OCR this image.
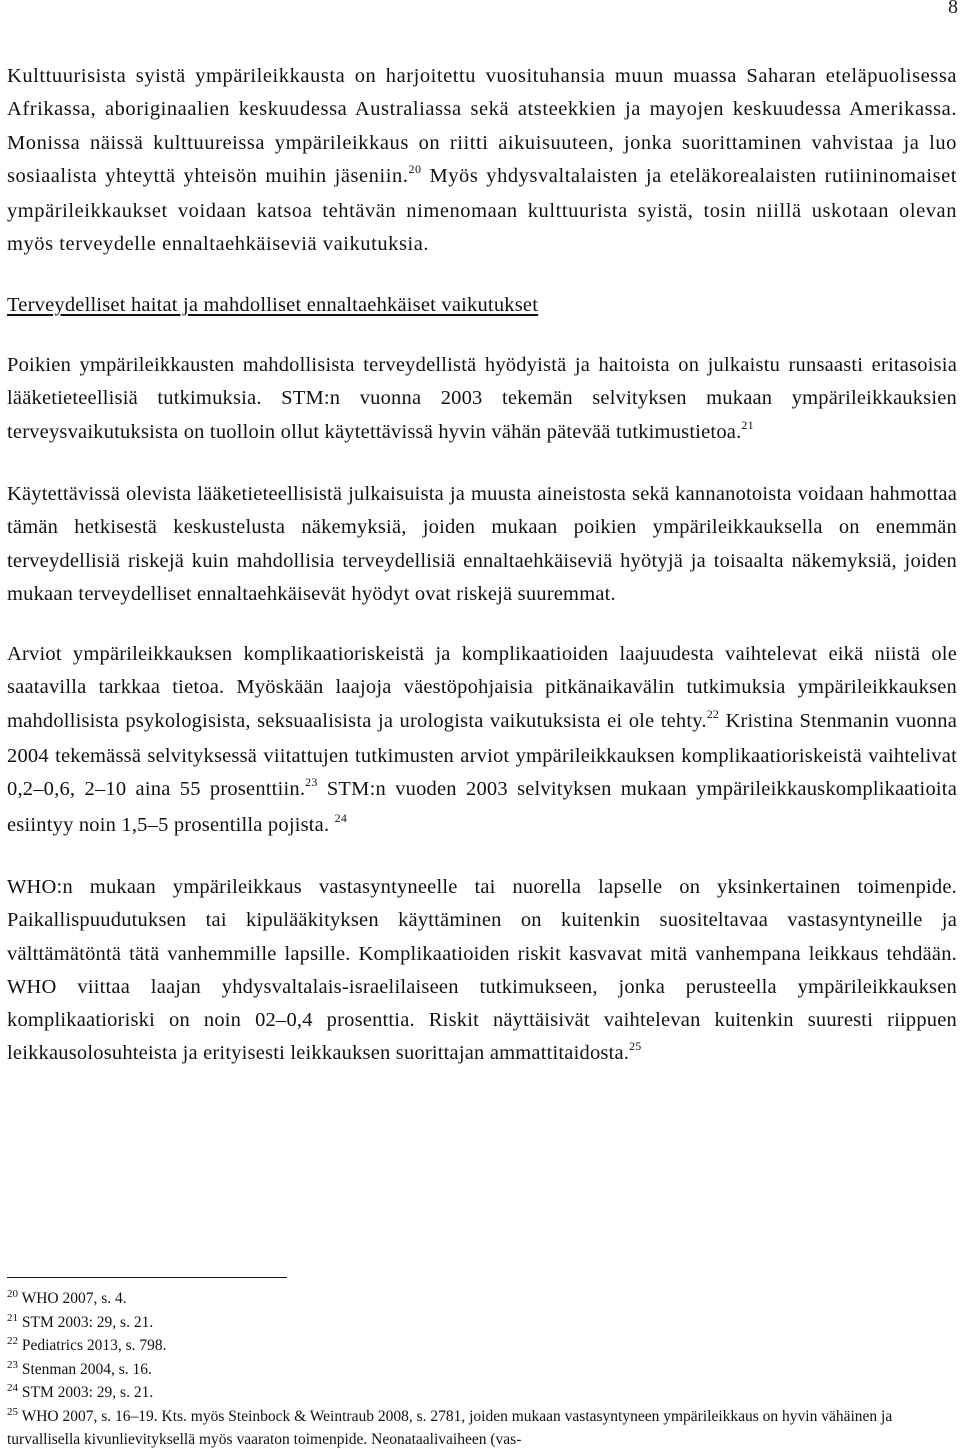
8

Kulttuurisista syistä ympärileikkausta on harjoitettu vuosituhansia muun muassa Saharan eteläpuolisessa Afrikassa, aboriginaalien keskuudessa Australiassa sekä atsteekkien ja mayojen keskuudessa Amerikassa. Monissa näissä kulttuureissa ympärileikkaus on riitti aikuisuuteen, jonka suorittaminen vahvistaa ja luo sosiaalista yhteyttä yhteisön muihin jäseniin.$^{20}$ Myös yhdysvaltalaisten ja eteläkorealaisten rutiininomaiset ympärileikkaukset voidaan katsoa tehtävän nimenomaan kulttuurista syistä, tosin niillä uskotaan olevan myös terveydelle ennaltaehkäiseviä vaikutuksia.

Terveydelliset haitat ja mahdolliset ennaltaehkäiset vaikutukset

Poikien ympärileikkausten mahdollisista terveydellistä hyödyistä ja haitoista on julkaistu runsaasti eritasoisia lääketieteellisiä tutkimuksia. STM:n vuonna 2003 tekemän selvityksen mukaan ympärileikkauksien terveysvaikutuksista on tuolloin ollut käytettävissä hyvin vähän pätevää tutkimustietoa.$^{21}$

Käytettävissä olevista lääketieteellisistä julkaisuista ja muusta aineistosta sekä kannanotoista voidaan hahmottaa tämän hetkisestä keskustelusta näkemyksiä, joiden mukaan poikien ympärileikkauksella on enemmän terveydellisiä riskejä kuin mahdollisia terveydellisiä ennaltaehkäiseviä hyötyjä ja toisaalta näkemyksiä, joiden mukaan terveydelliset ennaltaehkäisevät hyödyt ovat riskejä suuremmat.

Arviot ympärileikkauksen komplikaatioriskeistä ja komplikaatioiden laajuudesta vaihtelevat eikä niistä ole saatavilla tarkkaa tietoa. Myöskään laajoja väestöpohjaisia pitkänaikavälin tutkimuksia ympärileikkauksen mahdollisista psykologisista, seksuaalisista ja urologista vaikutuksista ei ole tehty.$^{22}$ Kristina Stenmanin vuonna 2004 tekemässä selvityksessä viitattujen tutkimusten arviot ympärileikkauksen komplikaatioriskeistä vaihtelivat 0,2–0,6, 2–10 aina 55 prosenttiin.$^{23}$ STM:n vuoden 2003 selvityksen mukaan ympärileikkauskomplikaatioita esiintyy noin 1,5–5 prosentilla pojista. $^{24}$

WHO:n mukaan ympärileikkaus vastasyntyneelle tai nuorella lapselle on yksinkertainen toimenpide. Paikallispuudutuksen tai kipulääkityksen käyttäminen on kuitenkin suositeltavaa vastasyntyneille ja välttämätöntä tätä vanhemmille lapsille. Komplikaatioiden riskit kasvavat mitä vanhempana leikkaus tehdään. WHO viittaa laajan yhdysvaltalais-israelilaiseen tutkimukseen, jonka perusteella ympärileikkauksen komplikaatioriski on noin 02–0,4 prosenttia. Riskit näyttäisivät vaihtelevan kuitenkin suuresti riippuen leikkausolosuhteista ja erityisesti leikkauksen suorittajan ammattitaidosta.$^{25}$

$^{20}$ WHO 2007, s. 4.

$^{21}$ STM 2003: 29, s. 21.

$^{22}$ Pediatrics 2013, s. 798.

$^{23}$ Stenman 2004, s. 16.

$^{24}$ STM 2003: 29, s. 21.

$^{25}$ WHO 2007, s. 16–19. Kts. myös Steinbock & Weintraub 2008, s. 2781, joiden mukaan vastasyntyneen ympärileikkaus on hyvin vähäinen ja turvallisella kivunlievityksellä myös vaaraton toimenpide. Neonataalivaiheen (vas-
